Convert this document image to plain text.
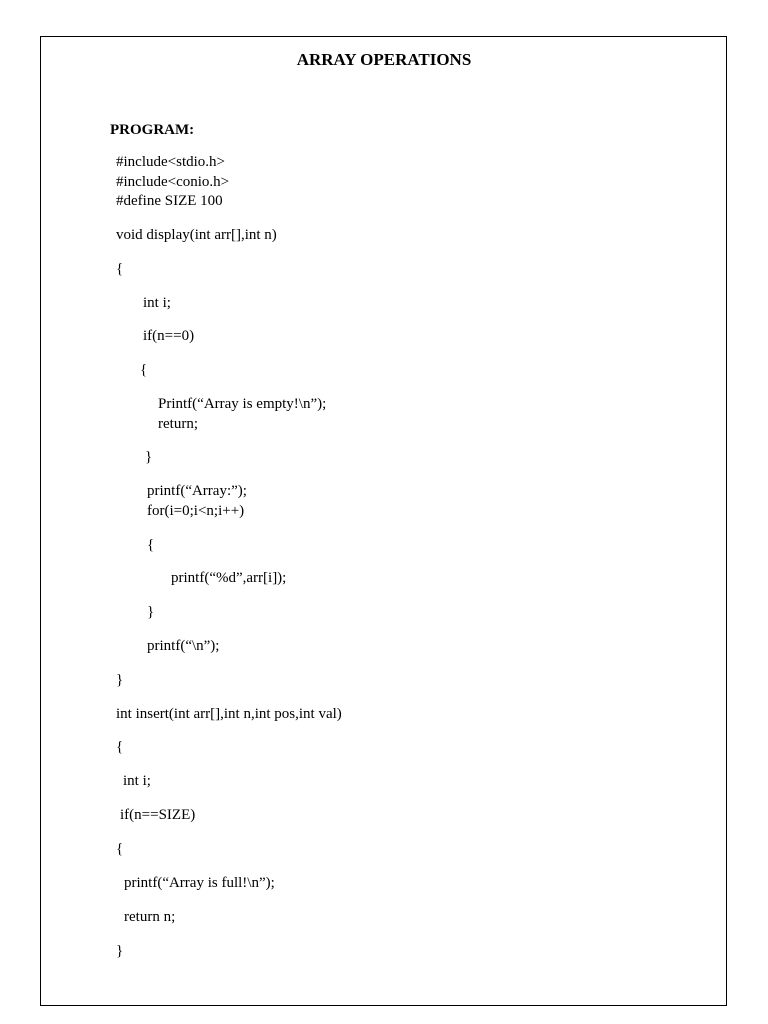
ARRAY OPERATIONS
PROGRAM:
#include<stdio.h>
#include<conio.h>
#define SIZE 100
void display(int arr[],int n)
{
int i;
if(n==0)
{
Printf(“Array is empty!\n”);
return;
}
printf(“Array:”);
for(i=0;i<n;i++)
{
printf(“%d”,arr[i]);
}
printf(“\n”);
}
int insert(int arr[],int n,int pos,int val)
{
int i;
if(n==SIZE)
{
printf(“Array is full!\n”);
return n;
}
